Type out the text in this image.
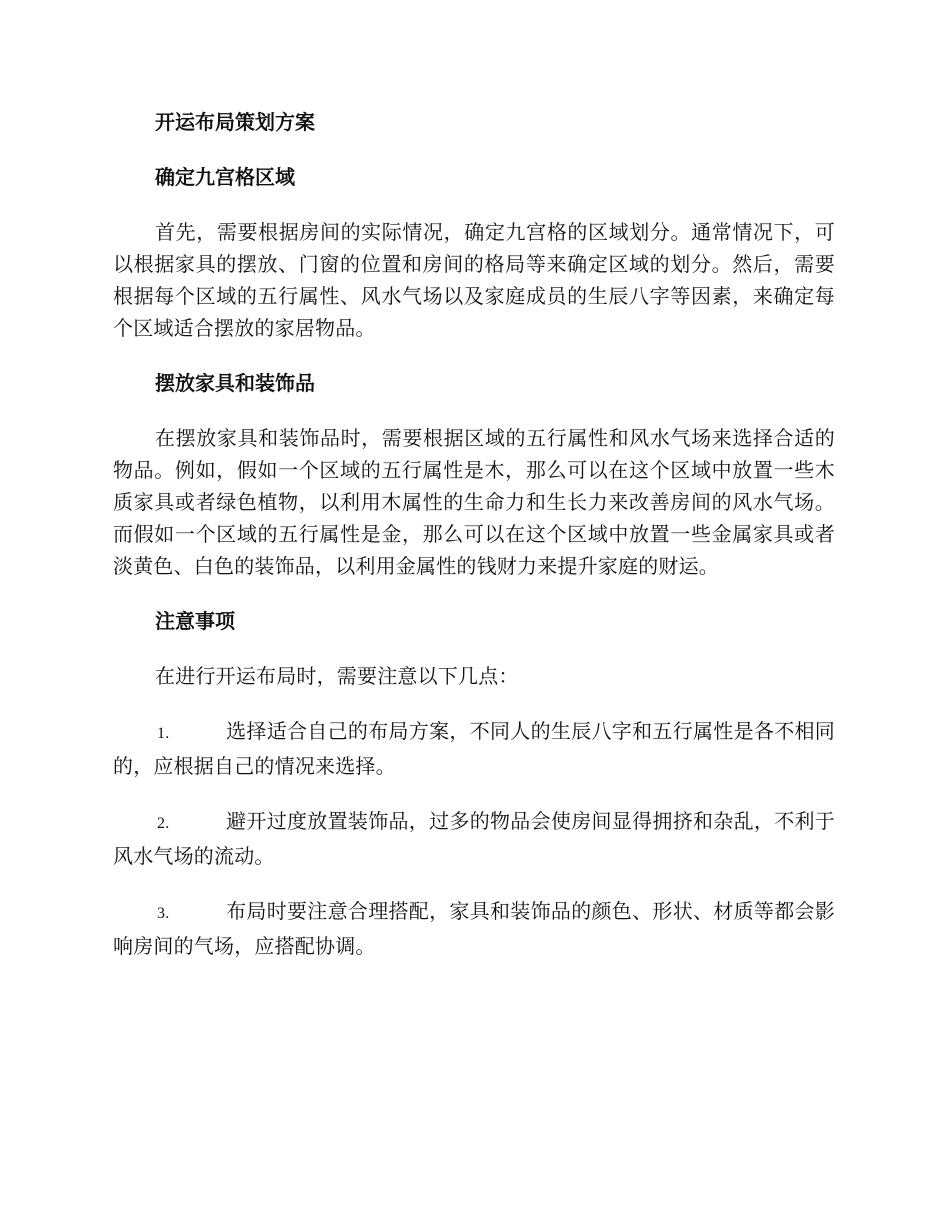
开运布局策划方案
确定九宫格区域
首先，需要根据房间的实际情况，确定九宫格的区域划分。通常情况下，可以根据家具的摆放、门窗的位置和房间的格局等来确定区域的划分。然后，需要根据每个区域的五行属性、风水气场以及家庭成员的生辰八字等因素，来确定每个区域适合摆放的家居物品。
摆放家具和装饰品
在摆放家具和装饰品时，需要根据区域的五行属性和风水气场来选择合适的物品。例如，假如一个区域的五行属性是木，那么可以在这个区域中放置一些木质家具或者绿色植物，以利用木属性的生命力和生长力来改善房间的风水气场。而假如一个区域的五行属性是金，那么可以在这个区域中放置一些金属家具或者淡黄色、白色的装饰品，以利用金属性的钱财力来提升家庭的财运。
注意事项
在进行开运布局时，需要注意以下几点：
1.	选择适合自己的布局方案，不同人的生辰八字和五行属性是各不相同的，应根据自己的情况来选择。
2.	避开过度放置装饰品，过多的物品会使房间显得拥挤和杂乱，不利于风水气场的流动。
3.	布局时要注意合理搭配，家具和装饰品的颜色、形状、材质等都会影响房间的气场，应搭配协调。
